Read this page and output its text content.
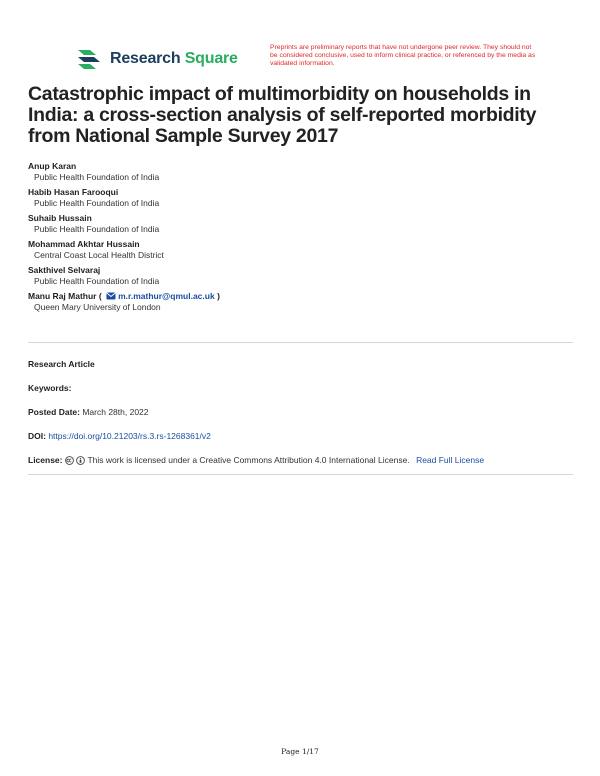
Research Square
Preprints are preliminary reports that have not undergone peer review. They should not be considered conclusive, used to inform clinical practice, or referenced by the media as validated information.
Catastrophic impact of multimorbidity on households in India: a cross-section analysis of self-reported morbidity from National Sample Survey 2017
Anup Karan
Public Health Foundation of India
Habib Hasan Farooqui
Public Health Foundation of India
Suhaib Hussain
Public Health Foundation of India
Mohammad Akhtar Hussain
Central Coast Local Health District
Sakthivel Selvaraj
Public Health Foundation of India
Manu Raj Mathur ( m.r.mathur@qmul.ac.uk )
Queen Mary University of London
Research Article
Keywords:
Posted Date: March 28th, 2022
DOI: https://doi.org/10.21203/rs.3.rs-1268361/v2
License:	This work is licensed under a Creative Commons Attribution 4.0 International License. Read Full License
Page 1/17
